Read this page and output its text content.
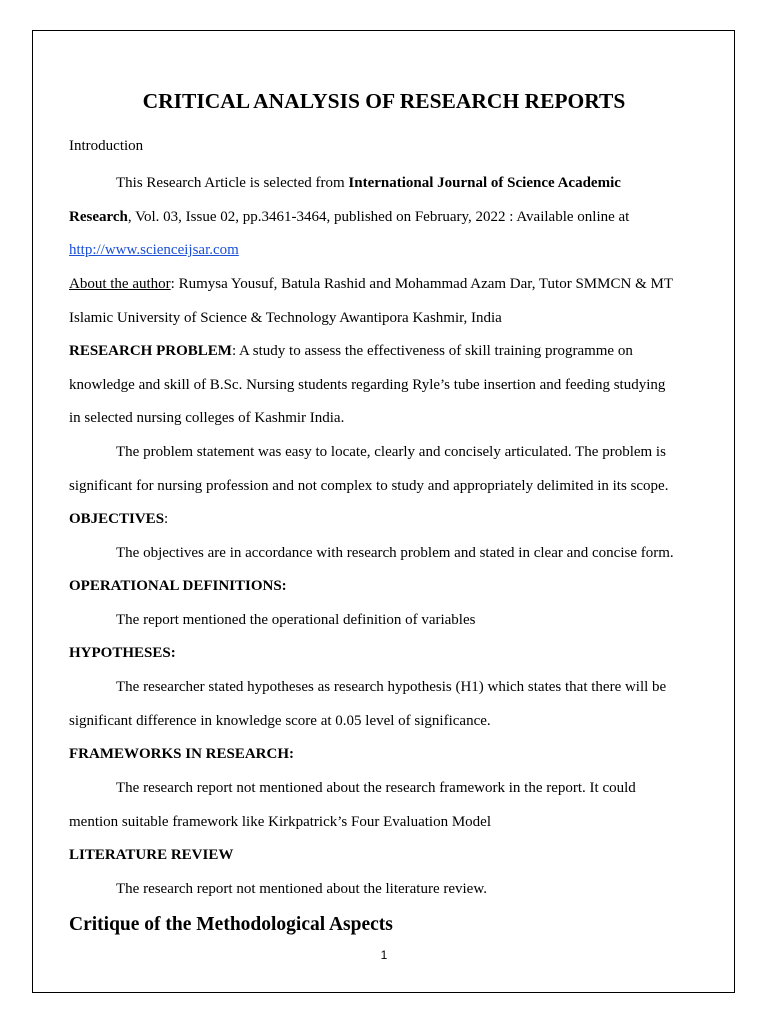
CRITICAL ANALYSIS OF RESEARCH REPORTS
Introduction
This Research Article is selected from International Journal of Science Academic
Research, Vol. 03, Issue 02, pp.3461-3464, published on February, 2022 : Available online at
http://www.scienceijsar.com
About the author: Rumysa Yousuf, Batula Rashid and Mohammad Azam Dar, Tutor SMMCN & MT
Islamic University of Science & Technology Awantipora Kashmir, India
RESEARCH PROBLEM: A study to assess the effectiveness of skill training programme on
knowledge and skill of B.Sc. Nursing students regarding Ryle’s tube insertion and feeding studying
in selected nursing colleges of Kashmir India.
The problem statement was easy to locate, clearly and concisely articulated. The problem is
significant for nursing profession and not complex to study and appropriately delimited in its scope.
OBJECTIVES:
The objectives are in accordance with research problem and stated in clear and concise form.
OPERATIONAL DEFINITIONS:
The report mentioned the operational definition of variables
HYPOTHESES:
The researcher stated hypotheses as research hypothesis (H1) which states that there will be
significant difference in knowledge score at 0.05 level of significance.
FRAMEWORKS IN RESEARCH:
The research report not mentioned about the research framework in the report. It could
mention suitable framework like Kirkpatrick’s Four Evaluation Model
LITERATURE REVIEW
The research report not mentioned about the literature review.
Critique of the Methodological Aspects
1
